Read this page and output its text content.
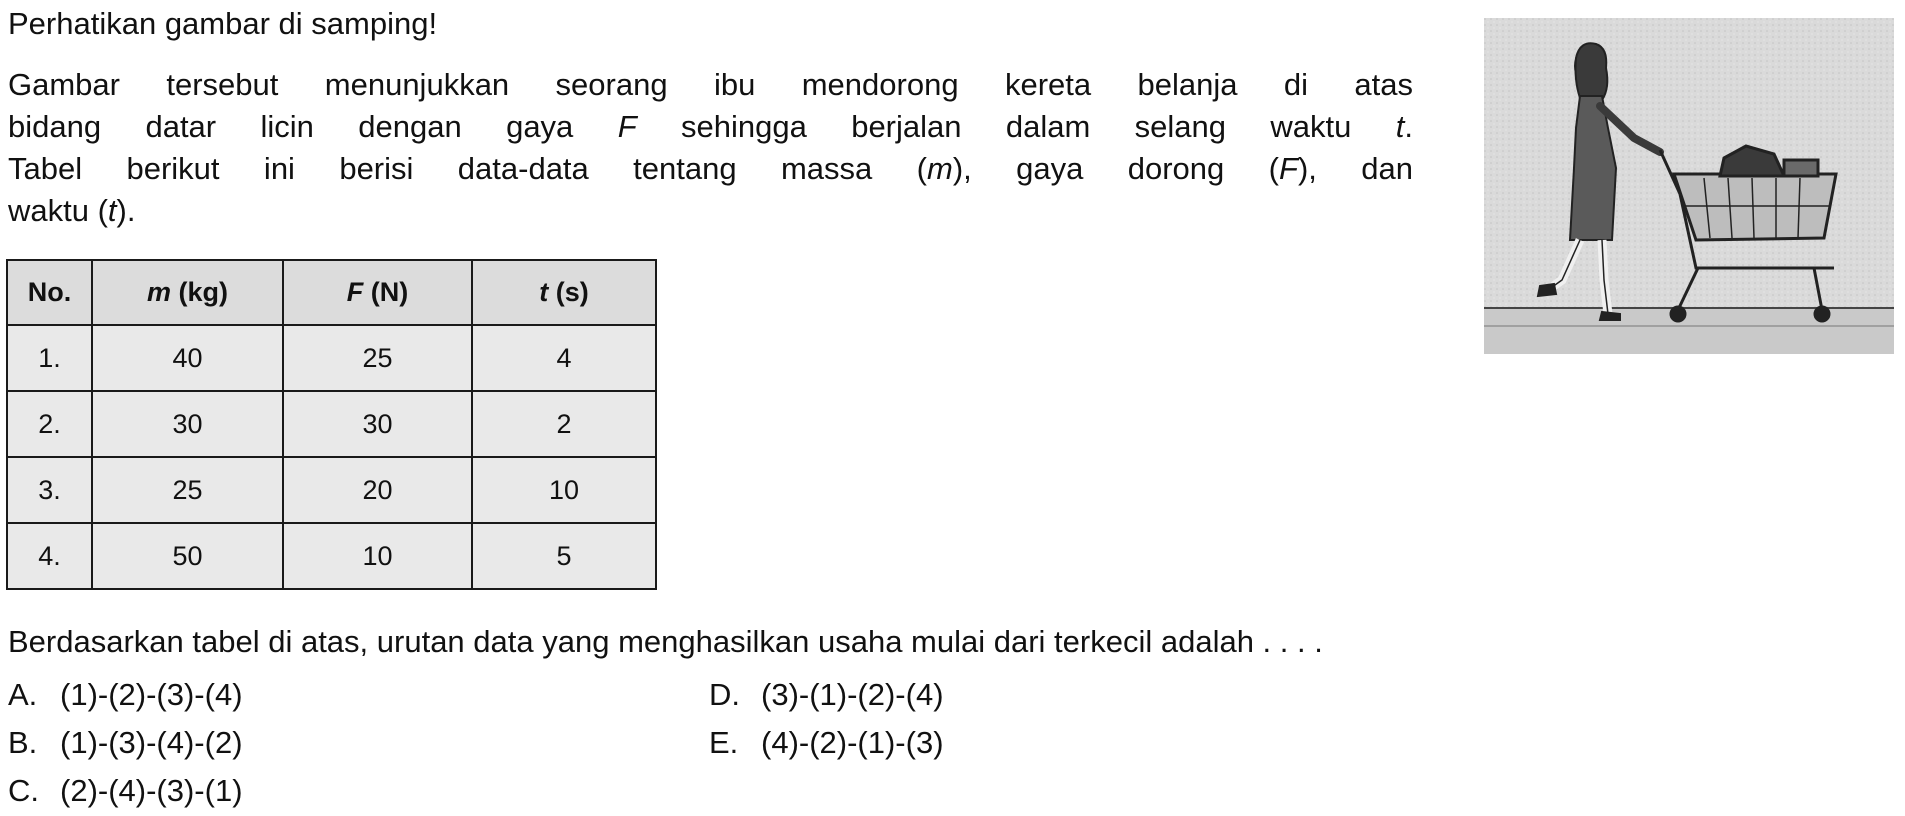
Perhatikan gambar di samping!
Gambar tersebut menunjukkan seorang ibu mendorong kereta belanja di atas
bidang datar licin dengan gaya F sehingga berjalan dalam selang waktu t.
Tabel berikut ini berisi data-data tentang massa (m), gaya dorong (F), dan
waktu (t).
No.	m (kg)	F (N)	t (s)
1.	40	25	4
2.	30	30	2
3.	25	20	10
4.	50	10	5
Berdasarkan tabel di atas, urutan data yang menghasilkan usaha mulai dari terkecil adalah . . . .
A. (1)-(2)-(3)-(4)
B. (1)-(3)-(4)-(2)
C. (2)-(4)-(3)-(1)
D. (3)-(1)-(2)-(4)
E. (4)-(2)-(1)-(3)
